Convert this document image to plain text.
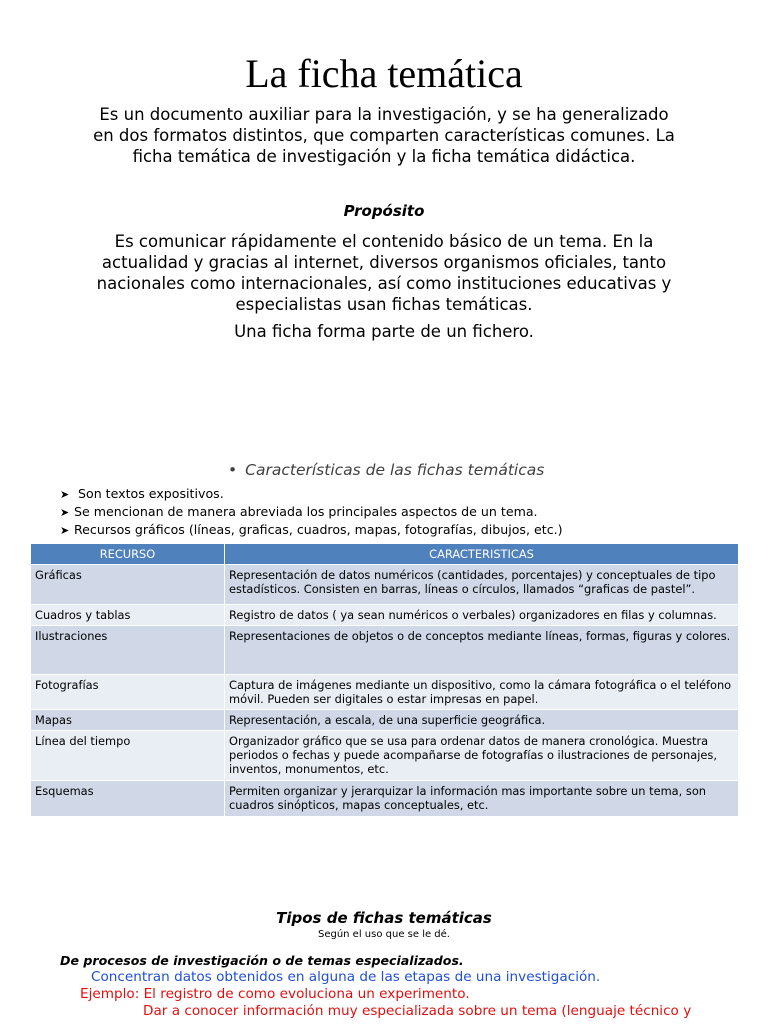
La ficha temática

Es un documento auxiliar para la investigación, y se ha generalizado en dos formatos distintos, que comparten características comunes. La ficha temática de investigación y la ficha temática didáctica.

Propósito

Es comunicar rápidamente el contenido básico de un tema. En la actualidad y gracias al internet, diversos organismos oficiales, tanto nacionales como internacionales, así como instituciones educativas y especialistas usan fichas temáticas.

Una ficha forma parte de un fichero.

• Características de las fichas temáticas
➤ Son textos expositivos.
➤ Se mencionan de manera abreviada los principales aspectos de un tema.
➤ Recursos gráficos (líneas, graficas, cuadros, mapas, fotografías, dibujos, etc.)
RECURSO	CARACTERISTICAS
Gráficas	Representación de datos numéricos (cantidades, porcentajes) y conceptuales de tipo estadísticos. Consisten en barras, líneas o círculos, llamados “graficas de pastel”.
Cuadros y tablas	Registro de datos ( ya sean numéricos o verbales) organizadores en filas y columnas.
Ilustraciones	Representaciones de objetos o de conceptos mediante líneas, formas, figuras y colores.
Fotografías	Captura de imágenes mediante un dispositivo, como la cámara fotográfica o el teléfono móvil. Pueden ser digitales o estar impresas en papel.
Mapas	Representación, a escala, de una superficie geográfica.
Línea del tiempo	Organizador gráfico que se usa para ordenar datos de manera cronológica. Muestra periodos o fechas y puede acompañarse de fotografías o ilustraciones de personajes, inventos, monumentos, etc.
Esquemas	Permiten organizar y jerarquizar la información mas importante sobre un tema, son cuadros sinópticos, mapas conceptuales, etc.
Tipos de fichas temáticas

Según el uso que se le dé.

De procesos de investigación o de temas especializados.

Concentran datos obtenidos en alguna de las etapas de una investigación.

Ejemplo: El registro de como evoluciona un experimento.

Dar a conocer información muy especializada sobre un tema (lenguaje técnico y
